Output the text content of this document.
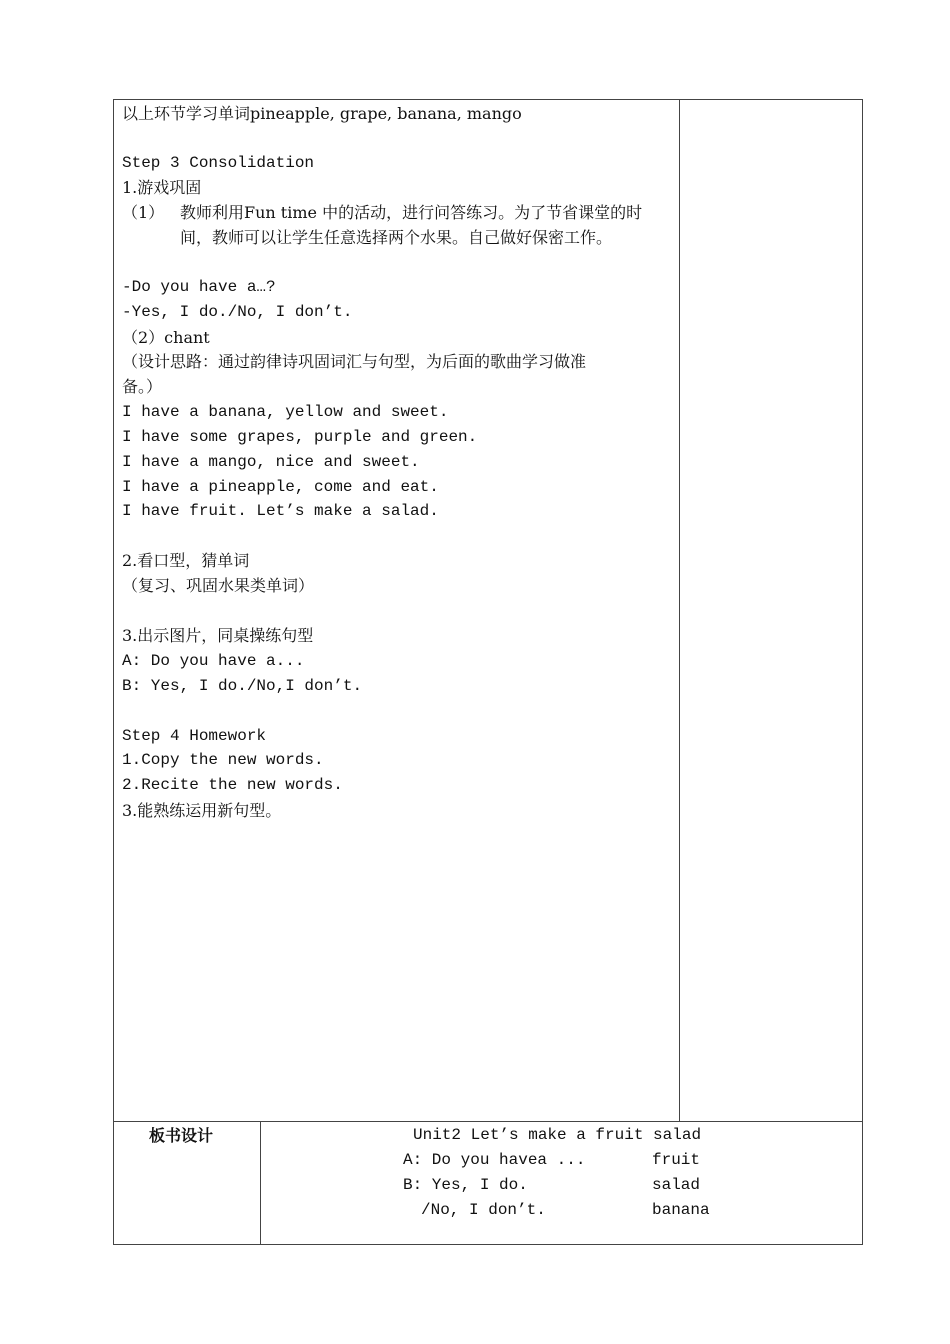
以上环节学习单词pineapple, grape, banana, mango
Step 3 Consolidation
1.游戏巩固
（1） 教师利用Fun time 中的活动，进行问答练习。为了节省课堂的时间，教师可以让学生任意选择两个水果。自己做好保密工作。
-Do you have a…?
-Yes, I do./No, I don’t.
（2）chant
（设计思路：通过韵律诗巩固词汇与句型，为后面的歌曲学习做准
备。）
I have a banana, yellow and sweet.
I have some grapes, purple and green.
I have a mango, nice and sweet.
I have a pineapple, come and eat.
I have fruit. Let’s make a salad.
2.看口型，猜单词
（复习、巩固水果类单词）
3.出示图片，同桌操练句型
A: Do you have a...
B: Yes, I do./No,I don’t.
Step 4 Homework
1.Copy the new words.
2.Recite the new words.
3.能熟练运用新句型。
板书设计	Unit2 Let’s make a fruit salad
A: Do you havea ...	fruit
B: Yes, I do.	salad
/No, I don’t.	banana
